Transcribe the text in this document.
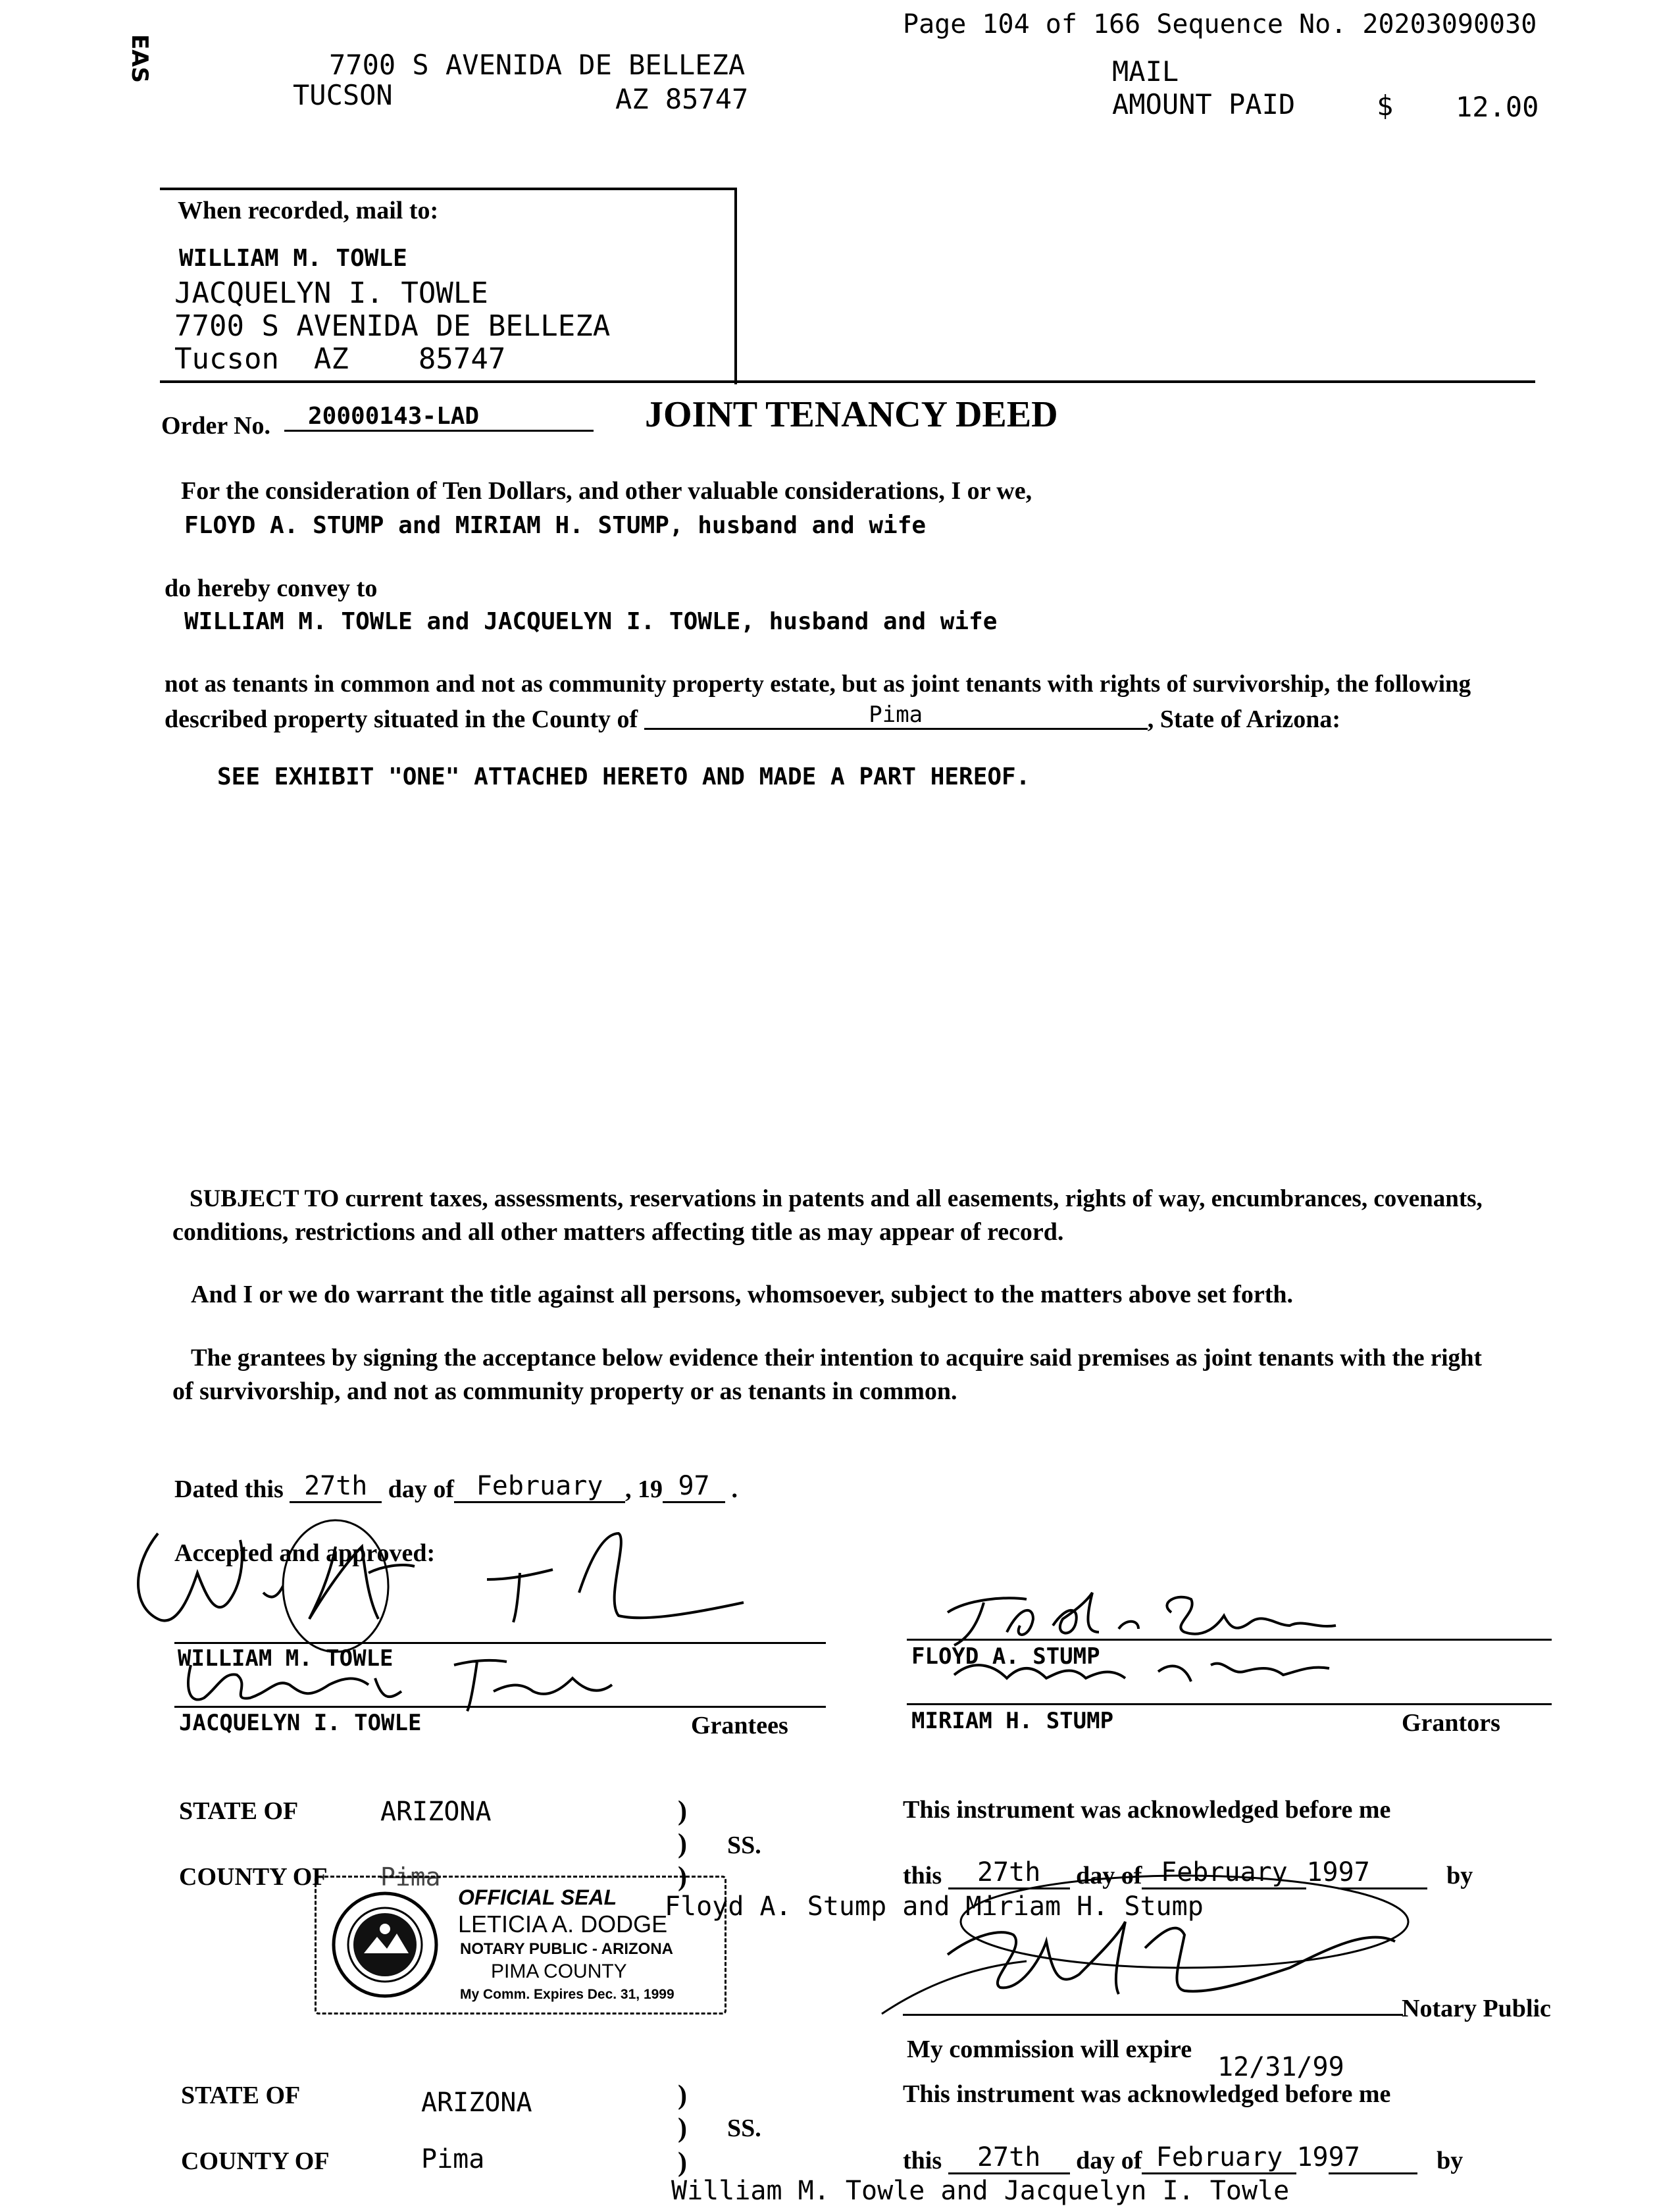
Page 104 of 166 Sequence No. 20203090030
EAS	7700 S AVENIDA DE BELLEZA
TUCSON	AZ 85747
MAIL
AMOUNT PAID	$ 12.00
When recorded, mail to:
WILLIAM M. TOWLE
JACQUELYN I. TOWLE
7700 S AVENIDA DE BELLEZA
Tucson  AZ    85747
Order No.	20000143-LAD	JOINT TENANCY DEED
For the consideration of Ten Dollars, and other valuable considerations, I or we,
FLOYD A. STUMP and MIRIAM H. STUMP, husband and wife
do hereby convey to
WILLIAM M. TOWLE and JACQUELYN I. TOWLE, husband and wife
not as tenants in common and not as community property estate, but as joint tenants with rights of survivorship, the following
described property situated in the County of	Pima	, State of Arizona:
SEE EXHIBIT "ONE" ATTACHED HERETO AND MADE A PART HEREOF.
SUBJECT TO current taxes, assessments, reservations in patents and all easements, rights of way, encumbrances, covenants,
conditions, restrictions and all other matters affecting title as may appear of record.
And I or we do warrant the title against all persons, whomsoever, subject to the matters above set forth.
The grantees by signing the acceptance below evidence their intention to acquire said premises as joint tenants with the right
of survivorship, and not as community property or as tenants in common.
Dated this 27th day of February , 19 97 .
Accepted and approved:
WILLIAM M. TOWLE
JACQUELYN I. TOWLE	Grantees
FLOYD A. STUMP
MIRIAM H. STUMP	Grantors
STATE OF	ARIZONA	)
) SS.
)
COUNTY OF Pima
OFFICIAL SEAL
LETICIA A. DODGE
NOTARY PUBLIC - ARIZONA
PIMA COUNTY
My Comm. Expires Dec. 31, 1999
This instrument was acknowledged before me
this 27th day of February 1997	by
Floyd A. Stump and Miriam H. Stump
Notary Public
My commission will expire
12/31/99
STATE OF	ARIZONA	)
) SS.
)
COUNTY OF	Pima
This instrument was acknowledged before me
this 27th day of February 1997	by
William M. Towle and Jacquelyn I. Towle
